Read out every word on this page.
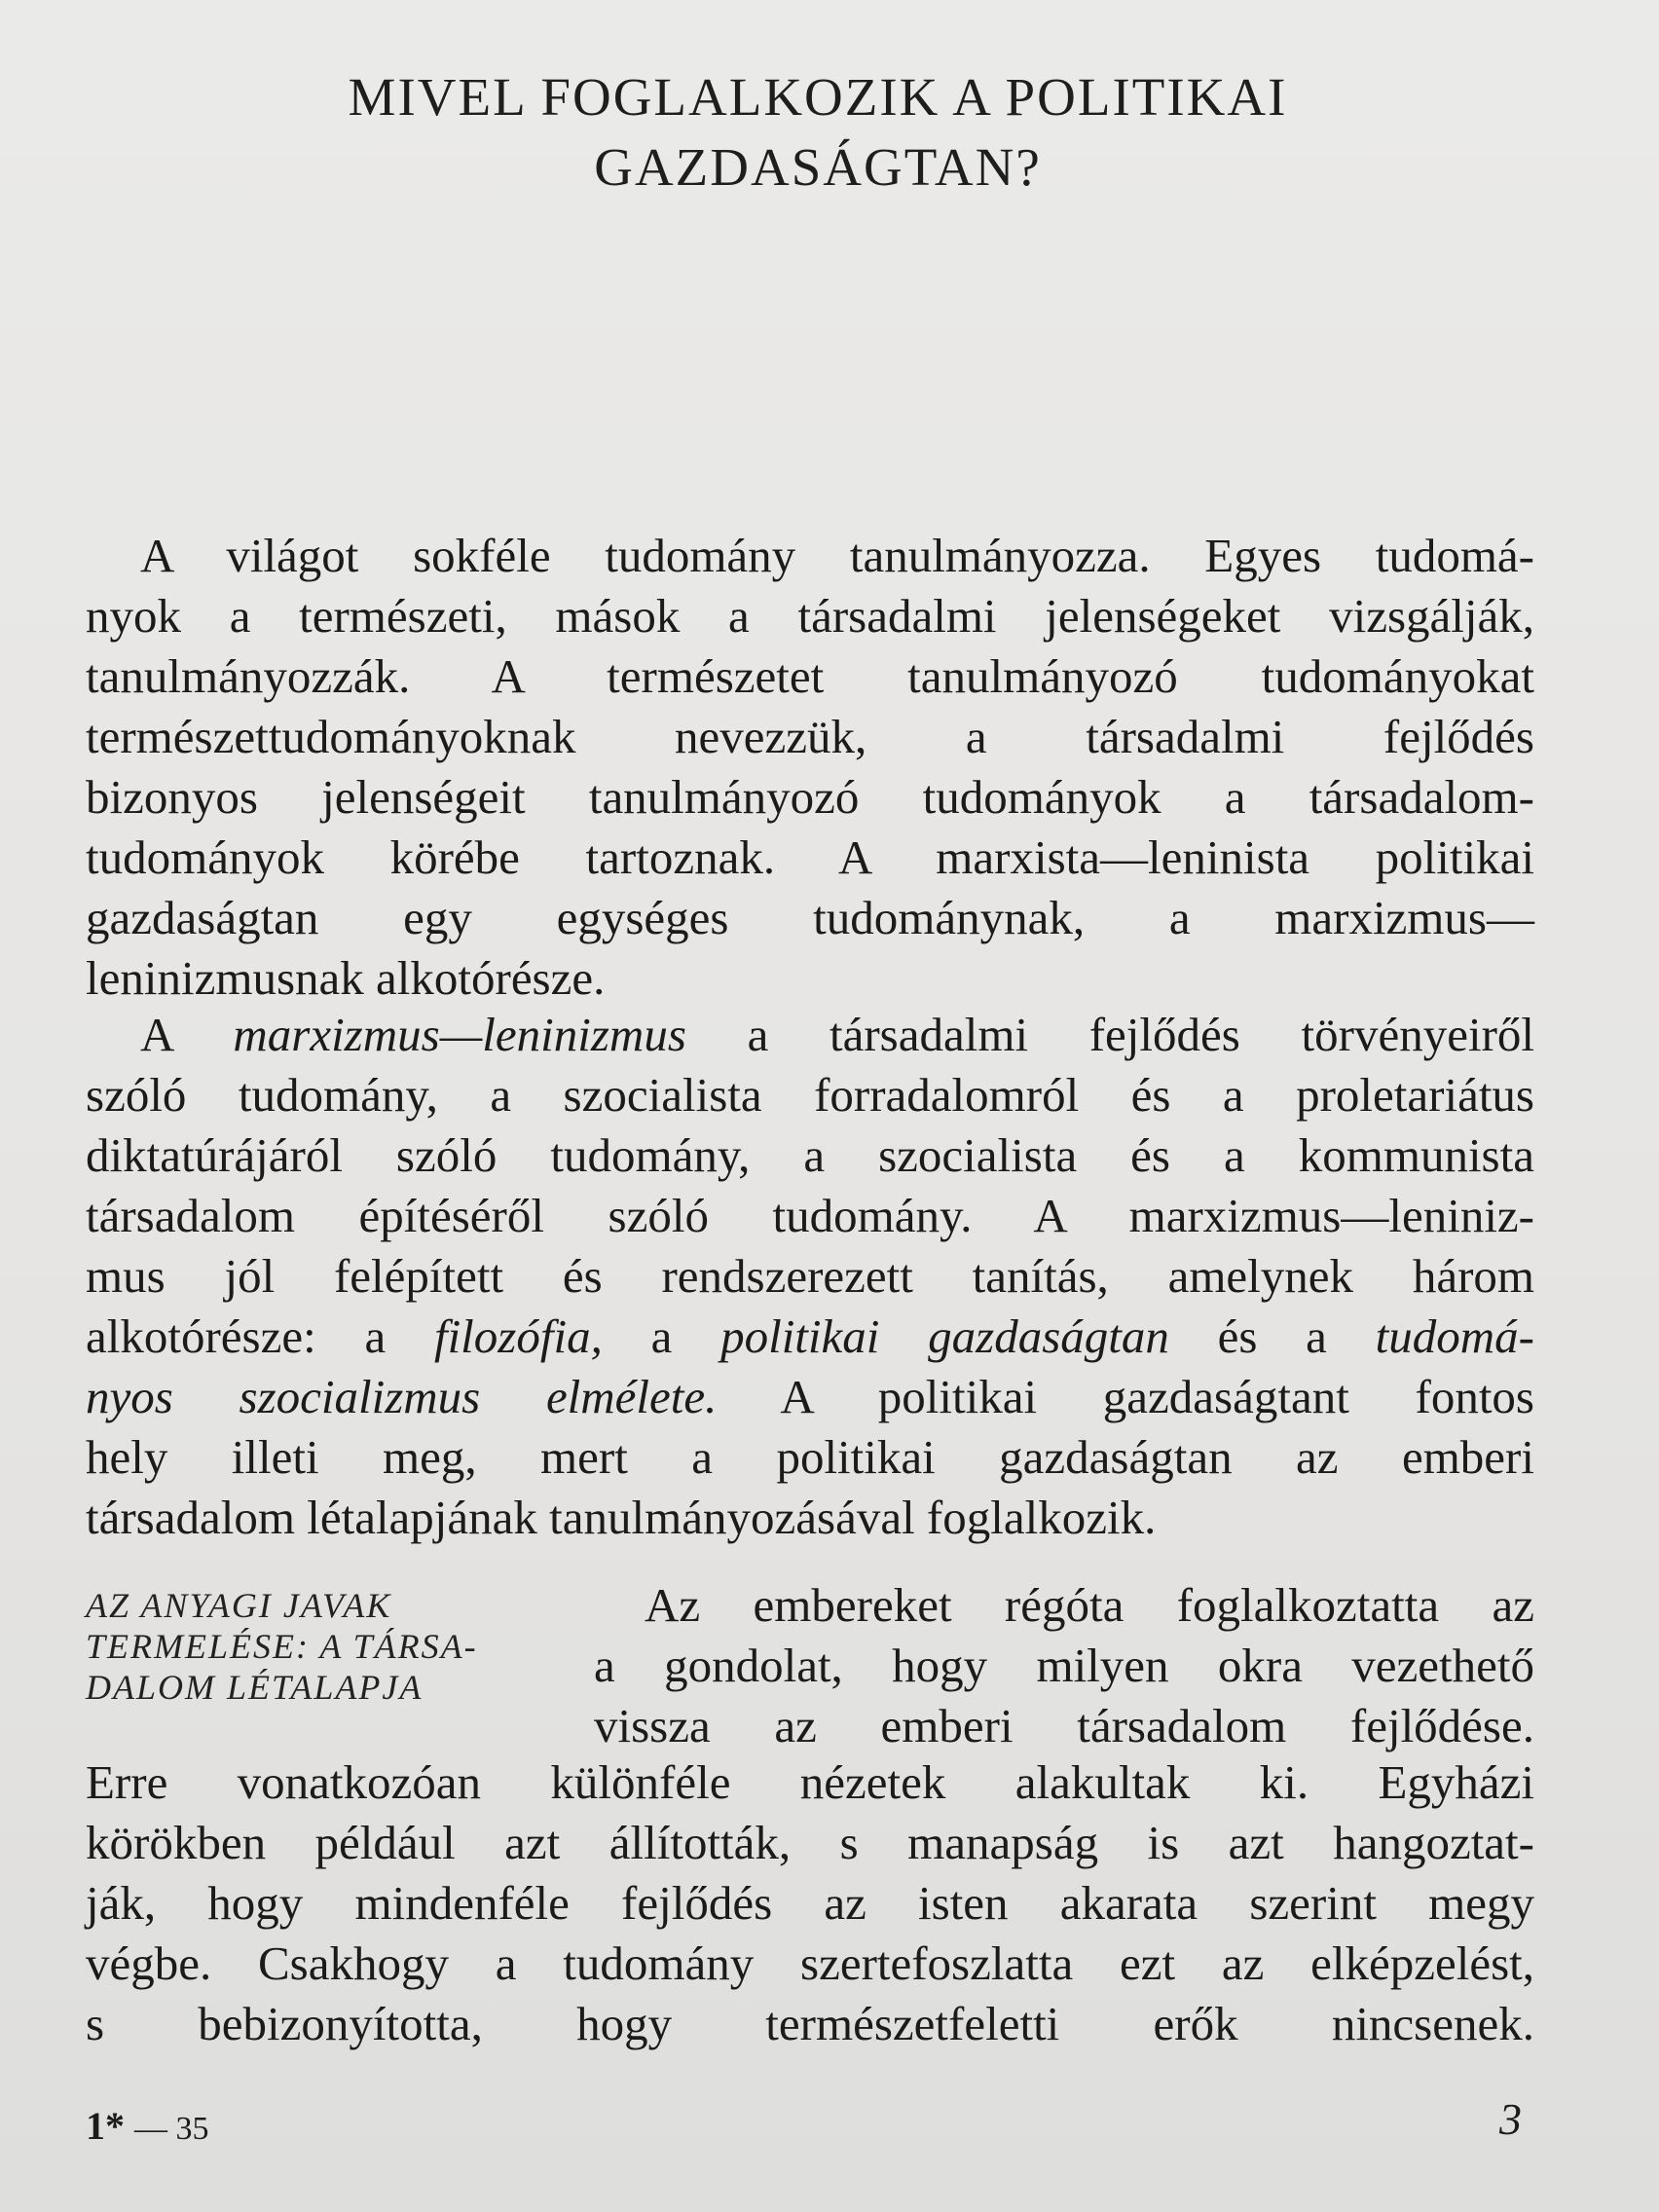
MIVEL FOGLALKOZIK A POLITIKAI
GAZDASÁGTAN?
A világot sokféle tudomány tanulmányozza. Egyes tudomá-
nyok a természeti, mások a társadalmi jelenségeket vizsgálják,
tanulmányozzák. A természetet tanulmányozó tudományokat
természettudományoknak nevezzük, a társadalmi fejlődés
bizonyos jelenségeit tanulmányozó tudományok a társadalom-
tudományok körébe tartoznak. A marxista—leninista politikai
gazdaságtan egy egységes tudománynak, a marxizmus—
leninizmusnak alkotórésze.
A marxizmus—leninizmus a társadalmi fejlődés törvényeiről
szóló tudomány, a szocialista forradalomról és a proletariátus
diktatúrájáról szóló tudomány, a szocialista és a kommunista
társadalom építéséről szóló tudomány. A marxizmus—leniniz-
mus jól felépített és rendszerezett tanítás, amelynek három
alkotórésze: a filozófia, a politikai gazdaságtan és a tudomá-
nyos szocializmus elmélete. A politikai gazdaságtant fontos
hely illeti meg, mert a politikai gazdaságtan az emberi
társadalom létalapjának tanulmányozásával foglalkozik.
AZ ANYAGI JAVAK
TERMELÉSE: A TÁRSA-
DALOM LÉTALAPJA
Az embereket régóta foglalkoztatta az
a gondolat, hogy milyen okra vezethető
vissza az emberi társadalom fejlődése.
Erre vonatkozóan különféle nézetek alakultak ki. Egyházi
körökben például azt állították, s manapság is azt hangoztat-
ják, hogy mindenféle fejlődés az isten akarata szerint megy
végbe. Csakhogy a tudomány szertefoszlatta ezt az elképzelést,
s bebizonyította, hogy természetfeletti erők nincsenek.
1* — 35	3
